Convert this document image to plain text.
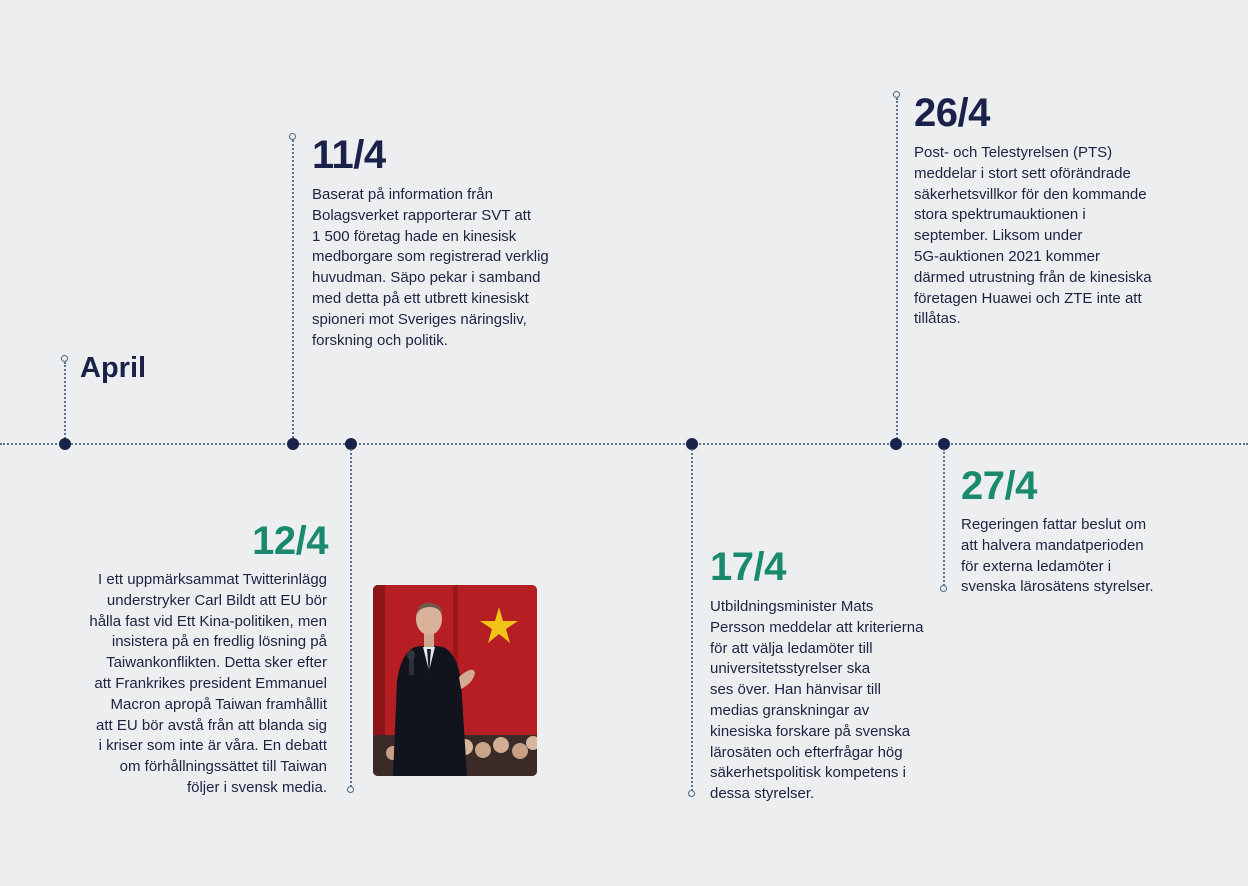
April
11/4
Baserat på information från
Bolagsverket rapporterar SVT att
1 500 företag hade en kinesisk
medborgare som registrerad verklig
huvudman. Säpo pekar i samband
med detta på ett utbrett kinesiskt
spioneri mot Sveriges näringsliv,
forskning och politik.
12/4
I ett uppmärksammat Twitterinlägg
understryker Carl Bildt att EU bör
hålla fast vid Ett Kina-politiken, men
insistera på en fredlig lösning på
Taiwankonflikten. Detta sker efter
att Frankrikes president Emmanuel
Macron apropå Taiwan framhållit
att EU bör avstå från att blanda sig
i kriser som inte är våra. En debatt
om förhållningssättet till Taiwan
följer i svensk media.
17/4
Utbildningsminister Mats
Persson meddelar att kriterierna
för att välja ledamöter till
universitetsstyrelser ska
ses över. Han hänvisar till
medias granskningar av
kinesiska forskare på svenska
lärosäten och efterfrågar hög
säkerhetspolitisk kompetens i
dessa styrelser.
26/4
Post- och Telestyrelsen (PTS)
meddelar i stort sett oförändrade
säkerhetsvillkor för den kommande
stora spektrumauktionen i
september. Liksom under
5G-auktionen 2021 kommer
därmed utrustning från de kinesiska
företagen Huawei och ZTE inte att
tillåtas.
27/4
Regeringen fattar beslut om
att halvera mandatperioden
för externa ledamöter i
svenska lärosätens styrelser.
